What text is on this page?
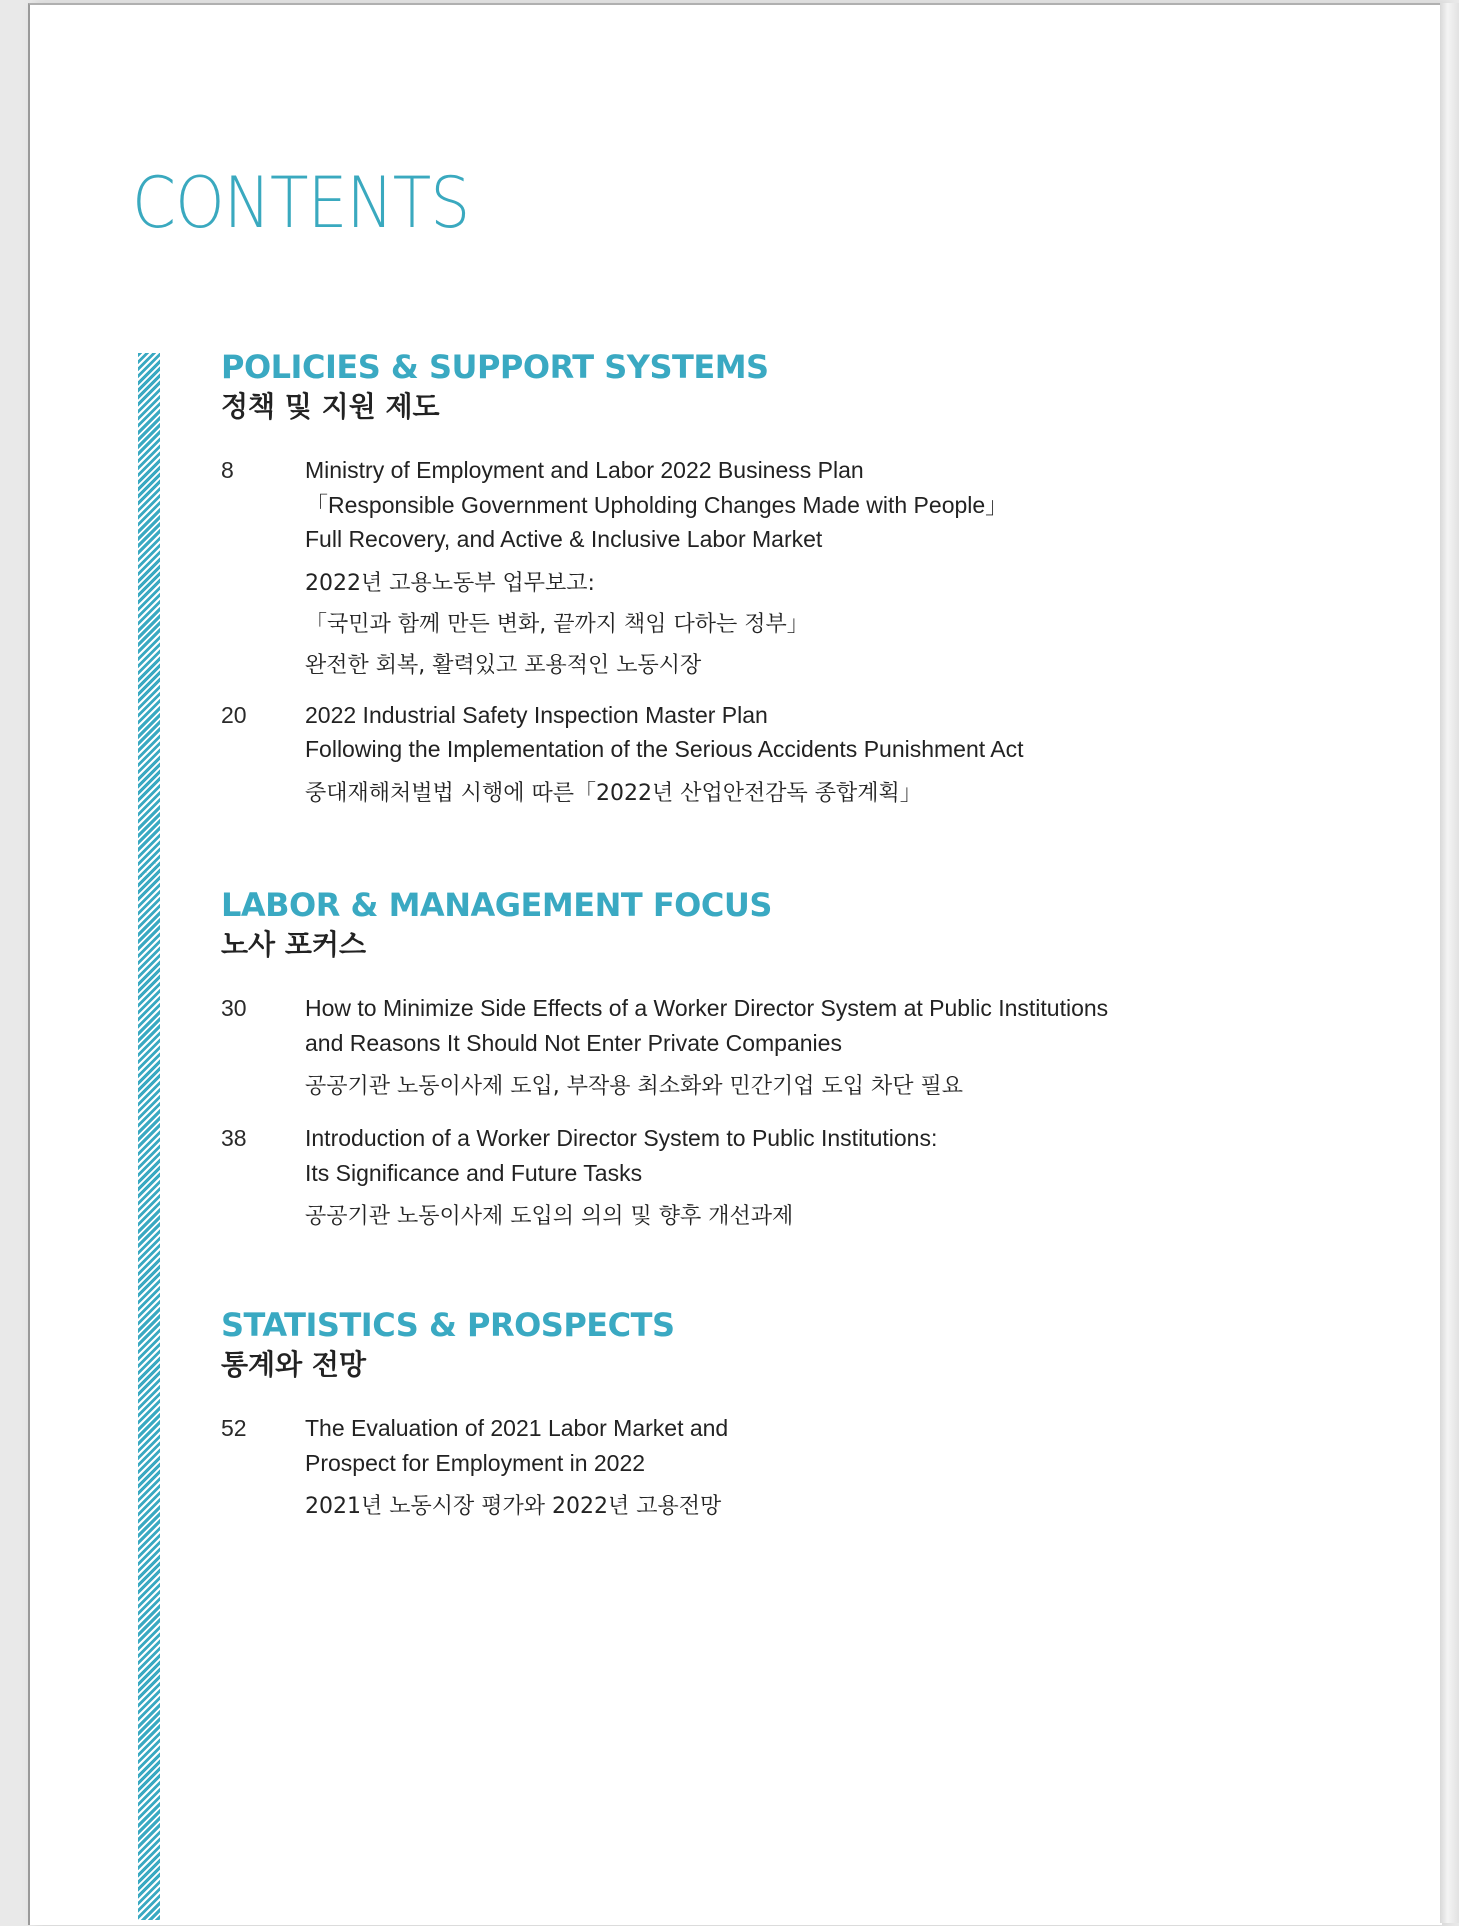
CONTENTS

POLICIES & SUPPORT SYSTEMS

정책 및 지원 제도

8	Ministry of Employment and Labor 2022 Business Plan
「Responsible Government Upholding Changes Made with People」
Full Recovery, and Active & Inclusive Labor Market
2022년 고용노동부 업무보고:
「국민과 함께 만든 변화, 끝까지 책임 다하는 정부」
완전한 회복, 활력있고 포용적인 노동시장
20	2022 Industrial Safety Inspection Master Plan
Following the Implementation of the Serious Accidents Punishment Act
중대재해처벌법 시행에 따른「2022년 산업안전감독 종합계획」

LABOR & MANAGEMENT FOCUS

노사 포커스

30	How to Minimize Side Effects of a Worker Director System at Public Institutions
and Reasons It Should Not Enter Private Companies
공공기관 노동이사제 도입, 부작용 최소화와 민간기업 도입 차단 필요
38	Introduction of a Worker Director System to Public Institutions:
Its Significance and Future Tasks
공공기관 노동이사제 도입의 의의 및 향후 개선과제

STATISTICS & PROSPECTS

통계와 전망

52	The Evaluation of 2021 Labor Market and
Prospect for Employment in 2022
2021년 노동시장 평가와 2022년 고용전망
